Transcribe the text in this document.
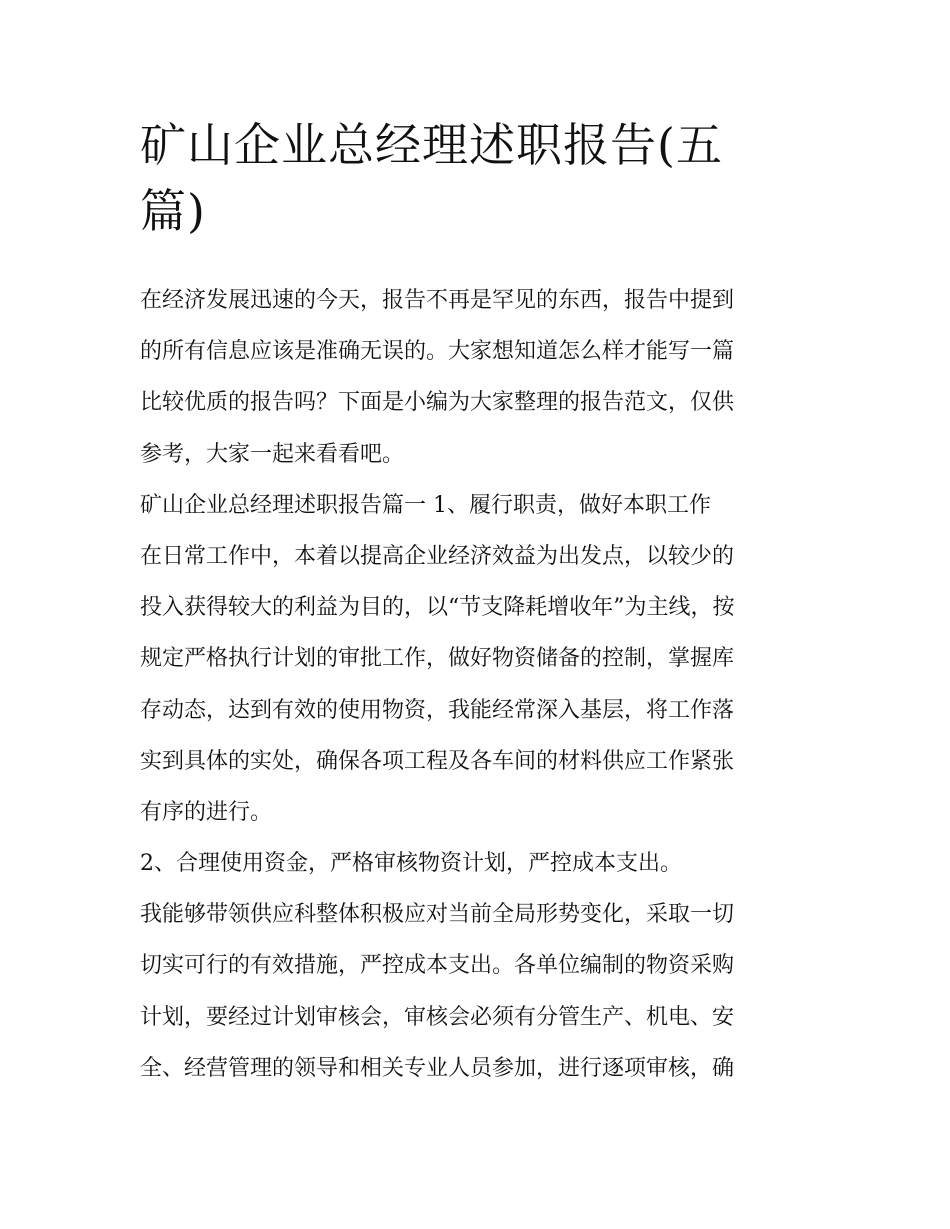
矿山企业总经理述职报告(五
篇)

在经济发展迅速的今天，报告不再是罕见的东西，报告中提到

的所有信息应该是准确无误的。大家想知道怎么样才能写一篇

比较优质的报告吗？下面是小编为大家整理的报告范文，仅供

参考，大家一起来看看吧。

矿山企业总经理述职报告篇一 1、履行职责，做好本职工作

在日常工作中，本着以提高企业经济效益为出发点，以较少的

投入获得较大的利益为目的，以“节支降耗增收年”为主线，按

规定严格执行计划的审批工作，做好物资储备的控制，掌握库

存动态，达到有效的使用物资，我能经常深入基层，将工作落

实到具体的实处，确保各项工程及各车间的材料供应工作紧张

有序的进行。

2、合理使用资金，严格审核物资计划，严控成本支出。

我能够带领供应科整体积极应对当前全局形势变化，采取一切

切实可行的有效措施，严控成本支出。各单位编制的物资采购

计划，要经过计划审核会，审核会必须有分管生产、机电、安

全、经营管理的领导和相关专业人员参加，进行逐项审核，确
